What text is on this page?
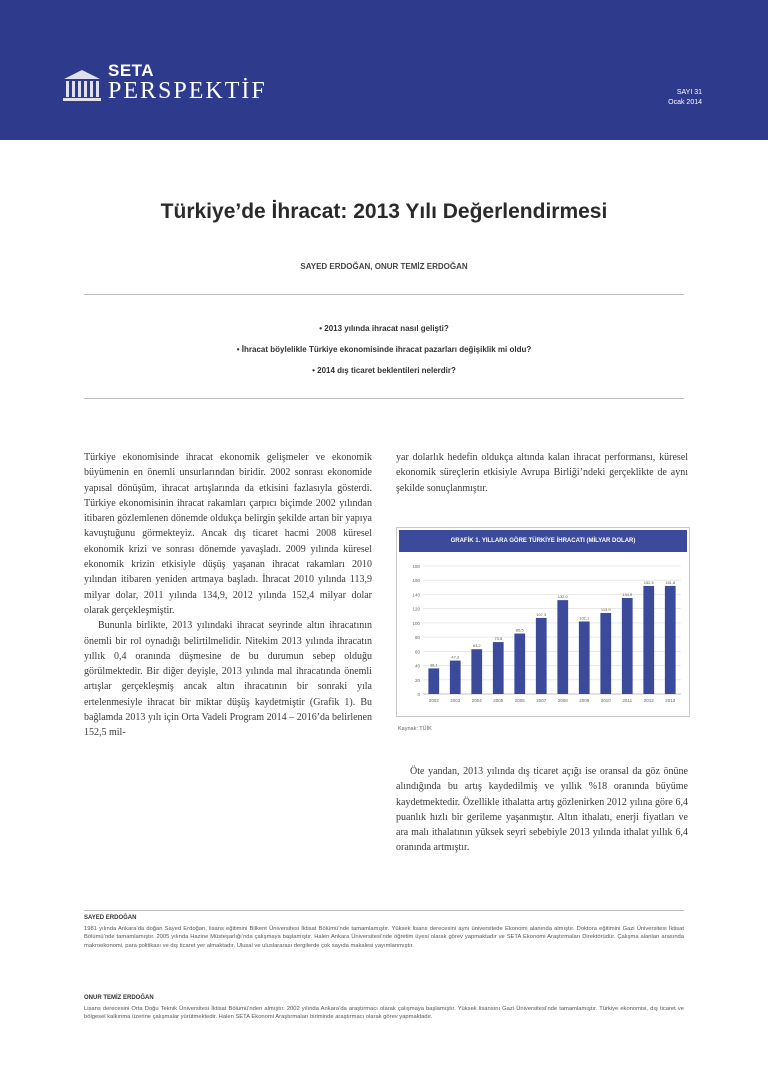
SETA
PERSPEKTİF	SAYI 31
Ocak 2014
Türkiye’de İhracat: 2013 Yılı Değerlendirmesi
SAYED ERDOĞAN, ONUR TEMİZ ERDOĞAN
• 2013 yılında ihracat nasıl gelişti?
• İhracat böylelikle Türkiye ekonomisinde ihracat pazarları değişiklik mi oldu?
• 2014 dış ticaret beklentileri nelerdir?

Türkiye ekonomisinde ihracat ekonomik gelişmeler ve ekonomik büyümenin en önemli unsurlarından biridir. 2002 sonrası ekonomide yapısal dönüşüm, ihracat artışlarında da etkisini fazlasıyla gösterdi. Türkiye ekonomisinin ihracat rakamları çarpıcı biçimde 2002 yılından itibaren gözlemlenen dönemde oldukça belirgin şekilde artan bir yapıya kavuştuğunu görmekteyiz. Ancak dış ticaret hacmi 2008 küresel ekonomik krizi ve sonrası dönemde yavaşladı. 2009 yılında küresel ekonomik krizin etkisiyle düşüş yaşanan ihracat rakamları 2010 yılından itibaren yeniden artmaya başladı. İhracat 2010 yılında 113,9 milyar dolar, 2011 yılında 134,9, 2012 yılında 152,4 milyar dolar olarak gerçekleşmiştir.

Bununla birlikte, 2013 yılındaki ihracat seyrinde altın ihracatının önemli bir rol oynadığı belirtilmelidir. Nitekim 2013 yılında ihracatın yıllık 0,4 oranında düşmesine de bu durumun sebep olduğu görülmektedir. Bir diğer deyişle, 2013 yılında mal ihracatında önemli artışlar gerçekleşmiş ancak altın ihracatının bir sonraki yıla ertelenmesiyle ihracat bir miktar düşüş kaydetmiştir (Grafik 1). Bu bağlamda 2013 yılı için Orta Vadeli Program 2014 – 2016’da belirlenen 152,5 mil-

yar dolarlık hedefin oldukça altında kalan ihracat performansı, küresel ekonomik süreçlerin etkisiyle Avrupa Birliği’ndeki gerçeklikte de aynı şekilde sonuçlanmıştır.

GRAFİK 1. YILLARA GÖRE TÜRKİYE İHRACATI (MİLYAR DOLAR)
0
20
40
60
80
100
120
140
160
180
36,1
2002
47,3
2003
63,2
2004
73,5
2005
85,5
2006
107,3
2007
132,0
2008
102,1
2009
113,9
2010
134,9
2011
152,5
2012
151,8
2013
Kaynak: TÜİK

Öte yandan, 2013 yılında dış ticaret açığı ise oransal da göz önüne alındığında bu artış kaydedilmiş ve yıllık %18 oranında büyüme kaydetmektedir. Özellikle ithalatta artış gözlenirken 2012 yılına göre 6,4 puanlık hızlı bir gerileme yaşanmıştır. Altın ithalatı, enerji fiyatları ve ara malı ithalatının yüksek seyri sebebiyle 2013 yılında ithalat yıllık 6,4 oranında artmıştır.

SAYED ERDOĞAN
1981 yılında Ankara’da doğan Sayed Erdoğan, lisans eğitimini Bilkent Üniversitesi İktisat Bölümü’nde tamamlamıştır. Yüksek lisans derecesini aynı üniversitede Ekonomi alanında almıştır. Doktora eğitimini Gazi Üniversitesi İktisat Bölümü’nde tamamlamıştır. 2005 yılında Hazine Müsteşarlığı’nda çalışmaya başlamıştır. Halen Ankara Üniversitesi’nde öğretim üyesi olarak görev yapmaktadır ve SETA Ekonomi Araştırmaları Direktörüdür. Çalışma alanları arasında makroekonomi, para politikası ve dış ticaret yer almaktadır. Ulusal ve uluslararası dergilerde çok sayıda makalesi yayımlanmıştır.
ONUR TEMİZ ERDOĞAN
Lisans derecesini Orta Doğu Teknik Üniversitesi İktisat Bölümü’nden almıştır. 2002 yılında Ankara’da araştırmacı olarak çalışmaya başlamıştır. Yüksek lisansını Gazi Üniversitesi’nde tamamlamıştır. Türkiye ekonomisi, dış ticaret ve bölgesel kalkınma üzerine çalışmalar yürütmektedir. Halen SETA Ekonomi Araştırmaları biriminde araştırmacı olarak görev yapmaktadır.
